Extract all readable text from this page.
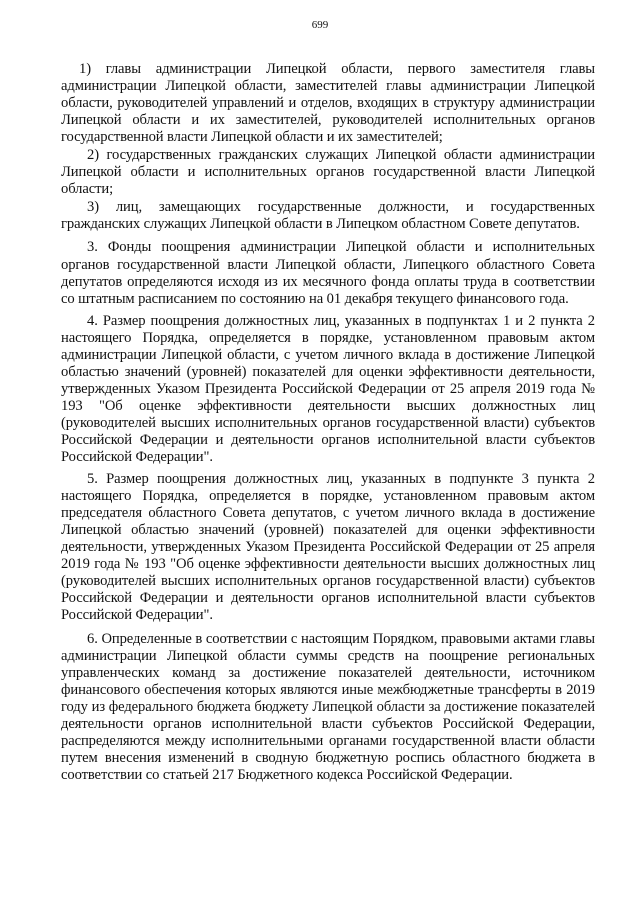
699

1) главы администрации Липецкой области, первого заместителя главы администрации Липецкой области, заместителей главы администрации Липецкой области, руководителей управлений и отделов, входящих в структуру администрации Липецкой области и их заместителей, руководителей исполнительных органов государственной власти Липецкой области и их заместителей;

2) государственных гражданских служащих Липецкой области администрации Липецкой области и исполнительных органов государственной власти Липецкой области;

3) лиц, замещающих государственные должности, и государственных гражданских служащих Липецкой области в Липецком областном Совете депутатов.

3. Фонды поощрения администрации Липецкой области и исполнительных органов государственной власти Липецкой области, Липецкого областного Совета депутатов определяются исходя из их месячного фонда оплаты труда в соответствии со штатным расписанием по состоянию на 01 декабря текущего финансового года.

4. Размер поощрения должностных лиц, указанных в подпунктах 1 и 2 пункта 2 настоящего Порядка, определяется в порядке, установленном правовым актом администрации Липецкой области, с учетом личного вклада в достижение Липецкой областью значений (уровней) показателей для оценки эффективности деятельности, утвержденных Указом Президента Российской Федерации от 25 апреля 2019 года № 193 "Об оценке эффективности деятельности высших должностных лиц (руководителей высших исполнительных органов государственной власти) субъектов Российской Федерации и деятельности органов исполнительной власти субъектов Российской Федерации".

5. Размер поощрения должностных лиц, указанных в подпункте 3 пункта 2 настоящего Порядка, определяется в порядке, установленном правовым актом председателя областного Совета депутатов, с учетом личного вклада в достижение Липецкой областью значений (уровней) показателей для оценки эффективности деятельности, утвержденных Указом Президента Российской Федерации от 25 апреля 2019 года № 193 "Об оценке эффективности деятельности высших должностных лиц (руководителей высших исполнительных органов государственной власти) субъектов Российской Федерации и деятельности органов исполнительной власти субъектов Российской Федерации".

6. Определенные в соответствии с настоящим Порядком, правовыми актами главы администрации Липецкой области суммы средств на поощрение региональных управленческих команд за достижение показателей деятельности, источником финансового обеспечения которых являются иные межбюджетные трансферты в 2019 году из федерального бюджета бюджету Липецкой области за достижение показателей деятельности органов исполнительной власти субъектов Российской Федерации, распределяются между исполнительными органами государственной власти области путем внесения изменений в сводную бюджетную роспись областного бюджета в соответствии со статьей 217 Бюджетного кодекса Российской Федерации.
